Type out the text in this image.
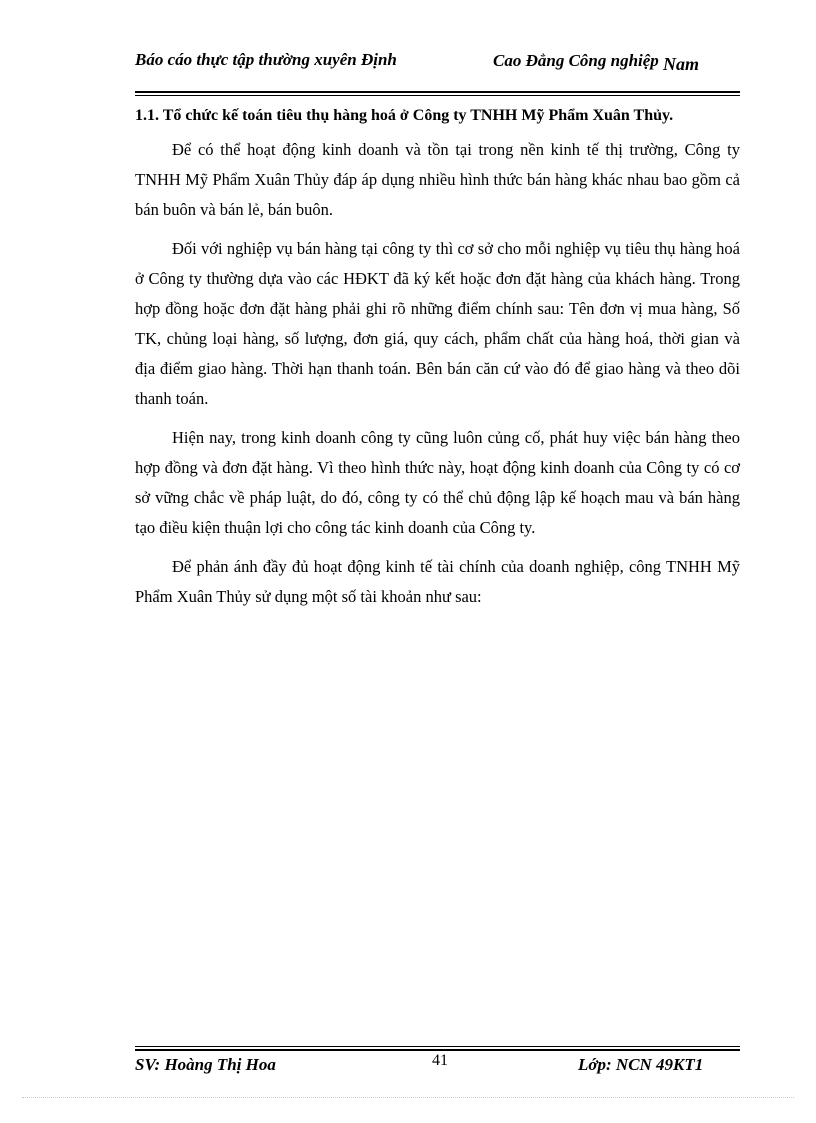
Báo cáo thực tập thường xuyên Định	Cao Đẳng Công nghiệp Nam
1.1. Tổ chức kế toán tiêu thụ hàng hoá ở Công ty TNHH Mỹ Phẩm Xuân Thủy.

Để có thể hoạt động kinh doanh và tồn tại trong nền kinh tế thị trường, Công ty TNHH Mỹ Phẩm Xuân Thủy đáp áp dụng nhiều hình thức bán hàng khác nhau bao gồm cả bán buôn và bán lẻ, bán buôn.

Đối với nghiệp vụ bán hàng tại công ty thì cơ sở cho mỗi nghiệp vụ tiêu thụ hàng hoá ở Công ty thường dựa vào các HĐKT đã ký kết hoặc đơn đặt hàng của khách hàng. Trong hợp đồng hoặc đơn đặt hàng phải ghi rõ những điểm chính sau: Tên đơn vị mua hàng, Số TK, chủng loại hàng, số lượng, đơn giá, quy cách, phẩm chất của hàng hoá, thời gian và địa điểm giao hàng. Thời hạn thanh toán. Bên bán căn cứ vào đó để giao hàng và theo dõi thanh toán.

Hiện nay, trong kinh doanh công ty cũng luôn củng cố, phát huy việc bán hàng theo hợp đồng và đơn đặt hàng. Vì theo hình thức này, hoạt động kinh doanh của Công ty có cơ sở vững chắc về pháp luật, do đó, công ty có thể chủ động lập kế hoạch mau và bán hàng tạo điều kiện thuận lợi cho công tác kinh doanh của Công ty.

Để phản ánh đầy đủ hoạt động kinh tế tài chính của doanh nghiệp, công TNHH Mỹ Phẩm Xuân Thủy sử dụng một số tài khoản như sau:

SV: Hoàng Thị Hoa	41	Lớp: NCN 49KT1
